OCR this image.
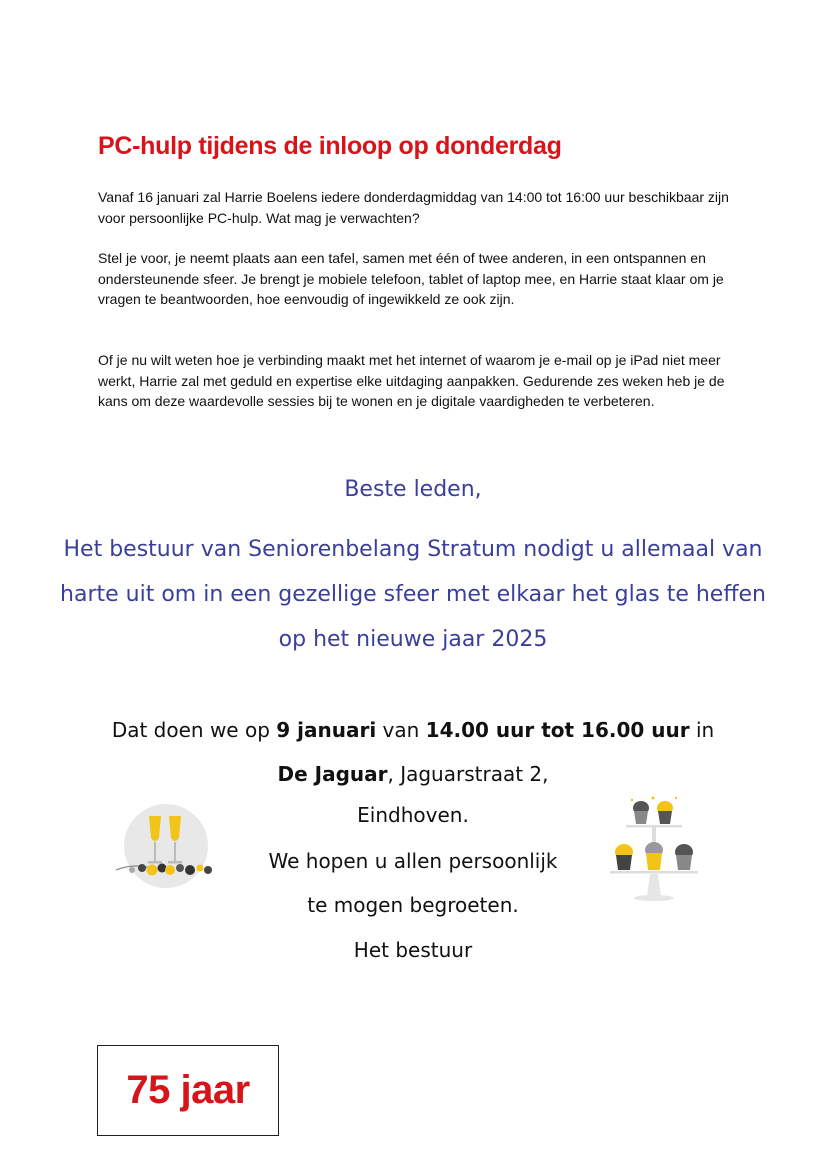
PC-hulp tijdens de inloop op donderdag

Vanaf 16 januari zal Harrie Boelens iedere donderdagmiddag van 14:00 tot 16:00 uur beschikbaar zijn voor persoonlijke PC-hulp. Wat mag je verwachten?

Stel je voor, je neemt plaats aan een tafel, samen met één of twee anderen, in een ontspannen en ondersteunende sfeer. Je brengt je mobiele telefoon, tablet of laptop mee, en Harrie staat klaar om je vragen te beantwoorden, hoe eenvoudig of ingewikkeld ze ook zijn.

Of je nu wilt weten hoe je verbinding maakt met het internet of waarom je e-mail op je iPad niet meer werkt, Harrie zal met geduld en expertise elke uitdaging aanpakken. Gedurende zes weken heb je de kans om deze waardevolle sessies bij te wonen en je digitale vaardigheden te verbeteren.

Beste leden,

Het bestuur van Seniorenbelang Stratum nodigt u allemaal van harte uit om in een gezellige sfeer met elkaar het glas te heffen op het nieuwe jaar 2025

Dat doen we op 9 januari van 14.00 uur tot 16.00 uur in

De Jaguar, Jaguarstraat 2,

Eindhoven.

We hopen u allen persoonlijk

te mogen begroeten.

Het bestuur

75 jaar
